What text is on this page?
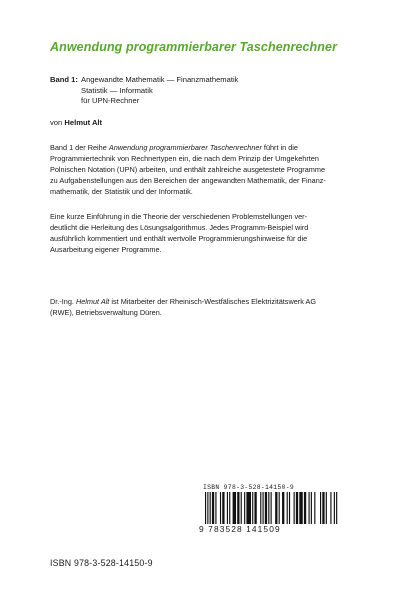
Anwendung programmierbarer Taschenrechner
Band 1: Angewandte Mathematik — Finanzmathematik
Statistik — Informatik
für UPN-Rechner
von Helmut Alt
Band 1 der Reihe Anwendung programmierbarer Taschenrechner führt in die
Programmiertechnik von Rechnertypen ein, die nach dem Prinzip der Umgekehrten
Polnischen Notation (UPN) arbeiten, und enthält zahlreiche ausgetestete Programme
zu Aufgabenstellungen aus den Bereichen der angewandten Mathematik, der Finanz-
mathematik, der Statistik und der Informatik.
Eine kurze Einführung in die Theorie der verschiedenen Problemstellungen ver-
deutlicht die Herleitung des Lösungsalgorithmus. Jedes Programm-Beispiel wird
ausführlich kommentiert und enthält wertvolle Programmierungshinweise für die
Ausarbeitung eigener Programme.
Dr.-Ing. Helmut Alt ist Mitarbeiter der Rheinisch-Westfälisches Elektrizitätswerk AG
(RWE), Betriebsverwaltung Düren.
ISBN 978-3-528-14150-9
9 783528 141509
ISBN 978-3-528-14150-9
